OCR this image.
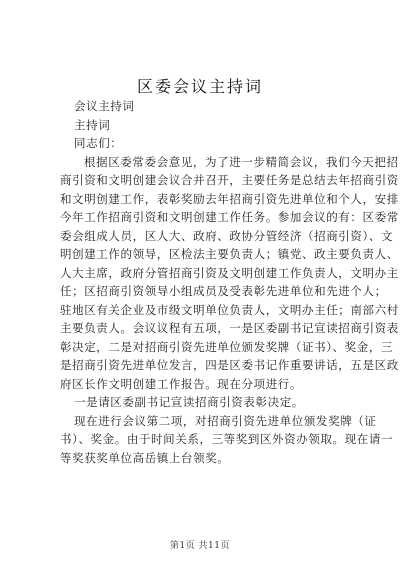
区委会议主持词
会议主持词
主持词
同志们：
根据区委常委会意见，为了进一步精简会议，我们今天把招
商引资和文明创建会议合并召开，主要任务是总结去年招商引资
和文明创建工作，表彰奖励去年招商引资先进单位和个人，安排
今年工作招商引资和文明创建工作任务。参加会议的有：区委常
委会组成人员，区人大、政府、政协分管经济（招商引资）、文
明创建工作的领导，区检法主要负责人；镇党、政主要负责人、
人大主席，政府分管招商引资及文明创建工作负责人，文明办主
任；区招商引资领导小组成员及受表彰先进单位和先进个人；
驻地区有关企业及市级文明单位负责人，文明办主任；南部六村
主要负责人。会议议程有五项，一是区委副书记宣读招商引资表
彰决定，二是对招商引资先进单位颁发奖牌（证书）、奖金，三
是招商引资先进单位发言，四是区委书记作重要讲话，五是区政
府区长作文明创建工作报告。现在分项进行。
一是请区委副书记宣读招商引资表彰决定。
现在进行会议第二项，对招商引资先进单位颁发奖牌（证
书）、奖金。由于时间关系，三等奖到区外资办领取。现在请一
等奖获奖单位高岳镇上台领奖。
第1页 共11页
